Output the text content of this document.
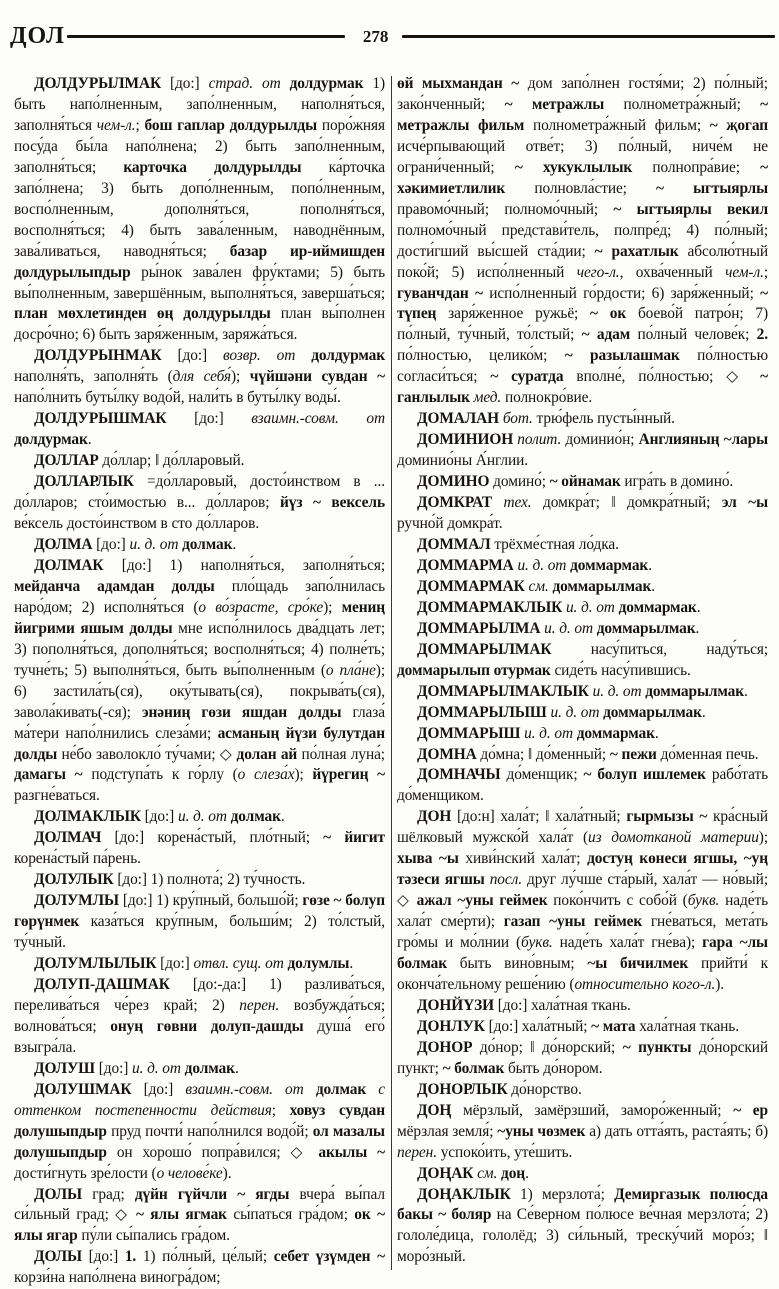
ДОЛ	278

ДОЛДУРЫЛМАК [до:] страд. от долдурмак 1) быть напо́лненным, запо́лненным, наполня́ться, заполня́ться чем-л.; бош гаплар долдурылды поро́жняя посу́да бы́ла напо́лнена; 2) быть запо́лненным, заполня́ться; карточка долдурылды ка́рточка запо́лнена; 3) быть допо́лненным, попо́лненным, воспо́лненным, дополня́ться, пополня́ться, восполня́ться; 4) быть зава́ленным, наводнённым, зава́ливаться, наводня́ться; базар ир-иймишден долдурылыпдыр ры́нок зава́лен фру́ктами; 5) быть вы́полненным, завершённым, выполня́ться, заверша́ться; план мөхлетинден өң долдурылды план вы́полнен досро́чно; 6) быть заря́женным, заряжа́ться.

ДОЛДУРЫНМАК [до:] возвр. от долдурмак наполня́ть, заполня́ть (для себя́); чүйшәни сувдан ~ напо́лнить буты́лку водо́й, нали́ть в буты́лку воды́.

ДОЛДУРЫШМАК [до:] взаимн.-совм. от долдурмак.

ДОЛЛАР до́ллар; ‖ до́лларовый.

ДОЛЛАРЛЫК =до́лларовый, досто́инством в ... до́лларов; сто́имостью в... до́лларов; йүз ~ вексель ве́ксель досто́инством в сто до́лларов.

ДОЛМА [до:] и. д. от долмак.

ДОЛМАК [до:] 1) наполня́ться, заполня́ться; мейданча адамдан долды пло́щадь запо́лнилась наро́дом; 2) исполня́ться (о во́зрасте, сро́ке); мениң йигрими яшым долды мне испо́лнилось два́дцать лет; 3) пополня́ться, дополня́ться; восполня́ться; 4) полне́ть; тучне́ть; 5) выполня́ться, быть вы́полненным (о пла́не); 6) застила́ть(ся), оку́тывать(ся), покрыва́ть(ся), завола́кивать(-ся); энәниң гөзи яшдан долды глаза́ ма́тери напо́лнились слеза́ми; асманың йүзи булутдан долды не́бо заволокло́ ту́чами; ◇ долан ай по́лная луна́; дамагы ~ подступа́ть к го́рлу (о слеза́х); йүрегиң ~ разгне́ваться.

ДОЛМАКЛЫК [до:] и. д. от долмак.

ДОЛМАЧ [до:] корена́стый, пло́тный; ~ йигит корена́стый па́рень.

ДОЛУЛЫК [до:] 1) полнота́; 2) ту́чность.

ДОЛУМЛЫ [до:] 1) кру́пный, большо́й; гөзе ~ болуп гөрүнмек каза́ться кру́пным, больши́м; 2) то́лстый, ту́чный.

ДОЛУМЛЫЛЫК [до:] отвл. сущ. от долумлы.

ДОЛУП-ДАШМАК [до:-да:] 1) разлива́ться, перелива́ться че́рез край; 2) перен. возбужда́ться; волнова́ться; онуң гөвни долуп-дашды душа́ его́ взыгра́ла.

ДОЛУШ [до:] и. д. от долмак.

ДОЛУШМАК [до:] взаимн.-совм. от долмак с оттенком постепенности действия; ховуз сувдан долушыпдыр пруд почти́ напо́лнился водо́й; ол мазалы долушыпдыр он хорошо́ попра́вился; ◇ акылы ~ дости́гнуть зре́лости (о челове́ке).

ДОЛЫ град; дүйн гүйчли ~ ягды вчера́ вы́пал си́льный град; ◇ ~ ялы ягмак сы́паться гра́дом; ок ~ ялы ягар пу́ли сы́пались гра́дом.

ДОЛЫ [до:] 1. 1) по́лный, це́лый; себет үзүмден ~ корзи́на напо́лнена виногра́дом;

өй мыхмандан ~ дом запо́лнен гостя́ми; 2) по́лный; зако́нченный; ~ метражлы полнометра́жный; ~ метражлы фильм полнометра́жный фильм; ~ җогап исче́рпывающий отве́т; 3) по́лный, ниче́м не ограни́ченный; ~ хукуклылык полнопра́вие; ~ хәкимиетлилик полновла́стие; ~ ыгтыярлы правомо́чный; полномо́чный; ~ ыгтыярлы векил полномо́чный представи́тель, полпре́д; 4) по́лный; дости́гший вы́сшей ста́дии; ~ рахатлык абсолю́тный поко́й; 5) испо́лненный чего-л., охва́ченный чем-л.; гуванчдан ~ испо́лненный го́рдости; 6) заря́женный; ~ түпең заря́женное ружьё; ~ ок боево́й патро́н; 7) по́лный, ту́чный, то́лстый; ~ адам по́лный челове́к; 2. по́лностью, целико́м; ~ разылашмак по́лностью согласи́ться; ~ суратда вполне́, по́лностью; ◇ ~ ганлылык мед. полнокро́вие.

ДОМАЛАН бот. трю́фель пусты́нный.

ДОМИНИОН полит. доминио́н; Англияның ~лары доминио́ны А́нглии.

ДОМИНО домино́; ~ ойнамак игра́ть в домино́.

ДОМКРАТ тех. домкра́т; ‖ домкра́тный; эл ~ы ручно́й домкра́т.

ДОММАЛ трёхме́стная ло́дка.

ДОММАРМА и. д. от доммармак.

ДОММАРМАК см. доммарылмак.

ДОММАРМАКЛЫК и. д. от доммармак.

ДОММАРЫЛМА и. д. от доммарылмак.

ДОММАРЫЛМАК насу́питься, наду́ться; доммарылып отурмак сиде́ть насу́пившись.

ДОММАРЫЛМАКЛЫК и. д. от доммарылмак.

ДОММАРЫЛЫШ и. д. от доммарылмак.

ДОММАРЫШ и. д. от доммармак.

ДОМНА до́мна; ‖ до́менный; ~ пежи до́менная печь.

ДОМНАЧЫ до́менщик; ~ болуп ишлемек рабо́тать до́менщиком.

ДОН [до:н] хала́т; ‖ хала́тный; гырмызы ~ кра́сный шёлковый мужско́й хала́т (из домотканой материи); хыва ~ы хиви́нский хала́т; достуң көнеси ягшы, ~уң тәзеси ягшы посл. друг лу́чше ста́рый, хала́т — но́вый; ◇ ажал ~уны геймек поко́нчить с собо́й (букв. наде́ть хала́т сме́рти); газап ~уны геймек гне́ваться, мета́ть гро́мы и мо́лнии (букв. наде́ть хала́т гне́ва); гара ~лы болмак быть вино́вным; ~ы бичилмек прийти́ к оконча́тельному реше́нию (относительно кого-л.).

ДОНЙҮЗИ [до:] хала́тная ткань.

ДОНЛУК [до:] хала́тный; ~ мата хала́тная ткань.

ДОНОР до́нор; ‖ до́норский; ~ пункты до́норский пункт; ~ болмак быть до́нором.

ДОНОРЛЫК до́норство.

ДОҢ мёрзлый, замёрзший, заморо́женный; ~ ер мёрзлая земля́; ~уны чөзмек а) дать отта́ять, раста́ять; б) перен. успоко́ить, уте́шить.

ДОҢАК см. доң.

ДОҢАКЛЫК 1) мерзлота́; Демиргазык полюсда бакы ~ боляр на Се́верном по́люсе ве́чная мерзлота́; 2) гололе́дица, гололёд; 3) си́льный, треску́чий моро́з; ‖ моро́зный.
